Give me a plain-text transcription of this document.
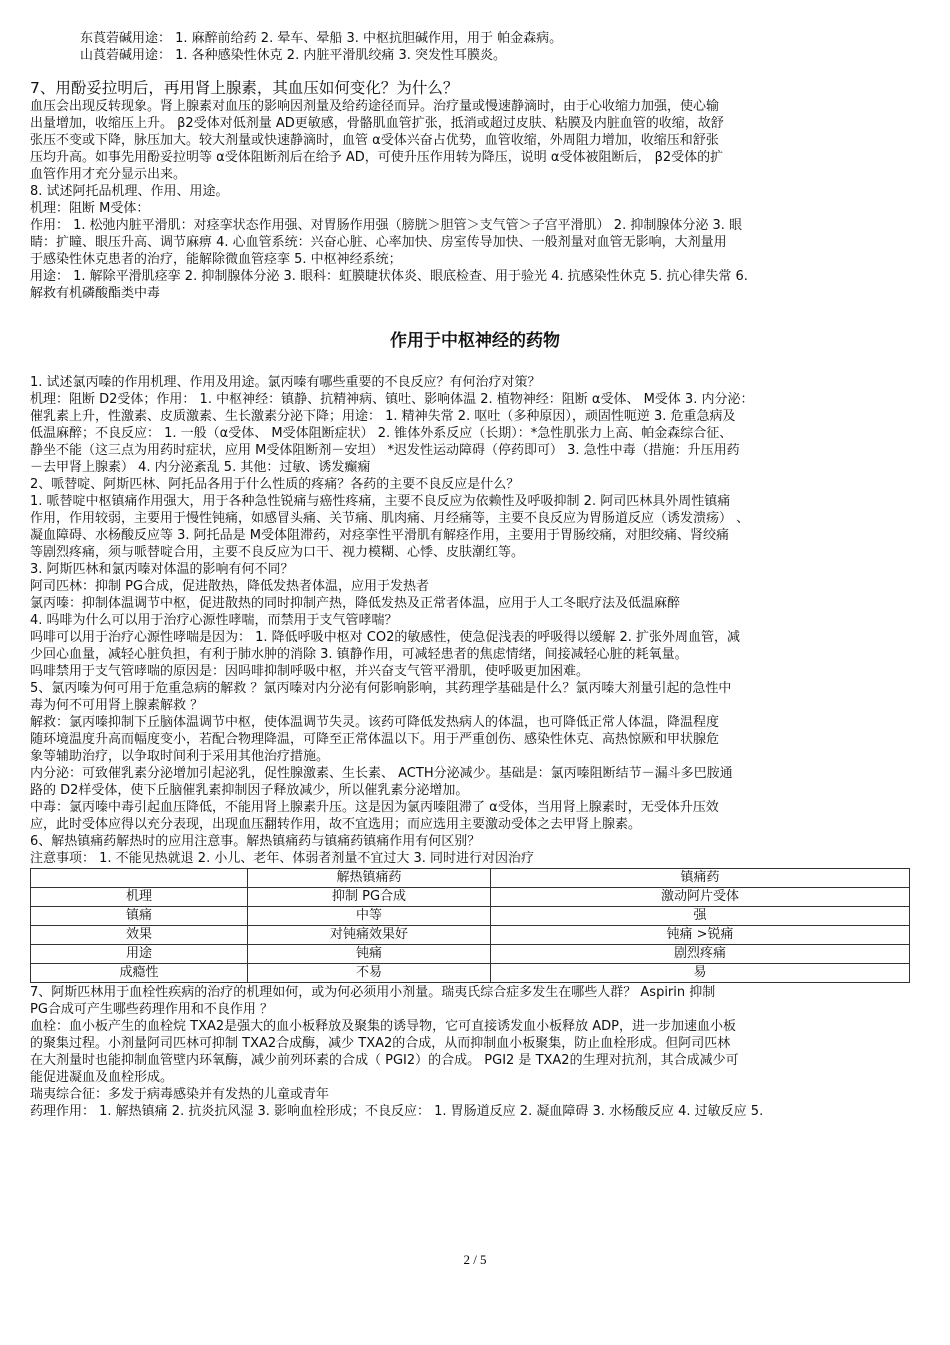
东莨菪碱用途： 1. 麻醉前给药 2. 晕车、晕船 3. 中枢抗胆碱作用，用于 帕金森病。

山莨菪碱用途： 1. 各种感染性休克 2. 内脏平滑肌绞痛 3. 突发性耳膜炎。

7、用酚妥拉明后，再用肾上腺素，其血压如何变化？为什么？

血压会出现反转现象。肾上腺素对血压的影响因剂量及给药途径而异。治疗量或慢速静滴时，由于心收缩力加强，使心输

出量增加，收缩压上升。 β2受体对低剂量 AD更敏感，骨骼肌血管扩张，抵消或超过皮肤、粘膜及内脏血管的收缩，故舒

张压不变或下降，脉压加大。较大剂量或快速静滴时，血管 α受体兴奋占优势，血管收缩，外周阻力增加，收缩压和舒张

压均升高。如事先用酚妥拉明等 α受体阻断剂后在给予 AD，可使升压作用转为降压，说明 α受体被阻断后， β2受体的扩

血管作用才充分显示出来。

8. 试述阿托品机理、作用、用途。

机理：阻断 M受体：

作用： 1. 松弛内脏平滑肌：对痉挛状态作用强、对胃肠作用强（膀胱＞胆管＞支气管＞子宫平滑肌） 2. 抑制腺体分泌 3. 眼

睛：扩瞳、眼压升高、调节麻痹 4. 心血管系统：兴奋心脏、心率加快、房室传导加快、一般剂量对血管无影响，大剂量用

于感染性休克患者的治疗，能解除微血管痉挛 5. 中枢神经系统；

用途： 1. 解除平滑肌痉挛 2. 抑制腺体分泌 3. 眼科：虹膜睫状体炎、眼底检查、用于验光 4. 抗感染性休克 5. 抗心律失常 6.

解救有机磷酸酯类中毒

作用于中枢神经的药物

1. 试述氯丙嗪的作用机理、作用及用途。氯丙嗪有哪些重要的不良反应？有何治疗对策？

机理：阻断 D2受体；作用： 1. 中枢神经：镇静、抗精神病、镇吐、影响体温 2. 植物神经：阻断 α受体、 M受体 3. 内分泌：

催乳素上升，性激素、皮质激素、生长激素分泌下降；用途： 1. 精神失常 2. 呕吐（多种原因），顽固性呃逆 3. 危重急病及

低温麻醉；不良反应： 1. 一般（α受体、 M受体阻断症状） 2. 锥体外系反应（长期）：*急性肌张力上高、帕金森综合征、

静坐不能（这三点为用药时症状，应用 M受体阻断剂－安坦） *迟发性运动障碍（停药即可） 3. 急性中毒（措施：升压用药

－去甲肾上腺素） 4. 内分泌紊乱 5. 其他：过敏、诱发癫痫

2、哌替啶、阿斯匹林、阿托品各用于什么性质的疼痛？各药的主要不良反应是什么？

1. 哌替啶中枢镇痛作用强大，用于各种急性锐痛与癌性疼痛，主要不良反应为依赖性及呼吸抑制 2. 阿司匹林具外周性镇痛

作用，作用较弱，主要用于慢性钝痛，如感冒头痛、关节痛、肌肉痛、月经痛等，主要不良反应为胃肠道反应（诱发溃疡） 、

凝血障碍、水杨酸反应等 3. 阿托品是 M受体阻滞药，对痉挛性平滑肌有解痉作用，主要用于胃肠绞痛，对胆绞痛、肾绞痛

等剧烈疼痛，须与哌替啶合用，主要不良反应为口干、视力模糊、心悸、皮肤潮红等。

3. 阿斯匹林和氯丙嗪对体温的影响有何不同？

阿司匹林：抑制 PG合成，促进散热，降低发热者体温，应用于发热者

氯丙嗪：抑制体温调节中枢，促进散热的同时抑制产热，降低发热及正常者体温，应用于人工冬眠疗法及低温麻醉

4. 吗啡为什么可以用于治疗心源性哮喘，而禁用于支气管哮喘？

吗啡可以用于治疗心源性哮喘是因为： 1. 降低呼吸中枢对 CO2的敏感性，使急促浅表的呼吸得以缓解 2. 扩张外周血管，减

少回心血量，减轻心脏负担，有利于肺水肿的消除 3. 镇静作用，可减轻患者的焦虑情绪，间接减轻心脏的耗氧量。

吗啡禁用于支气管哮喘的原因是：因吗啡抑制呼吸中枢，并兴奋支气管平滑肌，使呼吸更加困难。

5、氯丙嗪为何可用于危重急病的解救 ？氯丙嗪对内分泌有何影响影响，其药理学基础是什么？氯丙嗪大剂量引起的急性中

毒为何不可用肾上腺素解救 ？

解救：氯丙嗪抑制下丘脑体温调节中枢，使体温调节失灵。该药可降低发热病人的体温，也可降低正常人体温，降温程度

随环境温度升高而幅度变小，若配合物理降温，可降至正常体温以下。用于严重创伤、感染性休克、高热惊厥和甲状腺危

象等辅助治疗，以争取时间利于采用其他治疗措施。

内分泌：可致催乳素分泌增加引起泌乳，促性腺激素、生长素、 ACTH分泌减少。基础是：氯丙嗪阻断结节－漏斗多巴胺通

路的 D2样受体，使下丘脑催乳素抑制因子释放减少，所以催乳素分泌增加。

中毒：氯丙嗪中毒引起血压降低，不能用肾上腺素升压。这是因为氯丙嗪阻滞了 α受体，当用肾上腺素时，无受体升压效

应，此时受体应得以充分表现，出现血压翻转作用，故不宜选用；而应选用主要激动受体之去甲肾上腺素。

6、解热镇痛药解热时的应用注意事。解热镇痛药与镇痛药镇痛作用有何区别？

注意事项： 1. 不能见热就退 2. 小儿、老年、体弱者剂量不宜过大 3. 同时进行对因治疗

	解热镇痛药	镇痛药
机理	抑制 PG合成	激动阿片受体
镇痛	中等	强
效果	对钝痛效果好	钝痛 >锐痛
用途	钝痛	剧烈疼痛
成瘾性	不易	易

7、阿斯匹林用于血栓性疾病的治疗的机理如何，或为何必须用小剂量。瑞夷氏综合症多发生在哪些人群？ Aspirin 抑制

PG合成可产生哪些药理作用和不良作用 ？

血栓：血小板产生的血栓烷 TXA2是强大的血小板释放及聚集的诱导物，它可直接诱发血小板释放 ADP，进一步加速血小板

的聚集过程。小剂量阿司匹林可抑制 TXA2合成酶，减少 TXA2的合成，从而抑制血小板聚集，防止血栓形成。但阿司匹林

在大剂量时也能抑制血管壁内环氧酶，减少前列环素的合成（ PGI2）的合成。 PGI2 是 TXA2的生理对抗剂，其合成减少可

能促进凝血及血栓形成。

瑞夷综合征：多发于病毒感染并有发热的儿童或青年

药理作用： 1. 解热镇痛 2. 抗炎抗风湿 3. 影响血栓形成；不良反应： 1. 胃肠道反应 2. 凝血障碍 3. 水杨酸反应 4. 过敏反应 5.

2 / 5
